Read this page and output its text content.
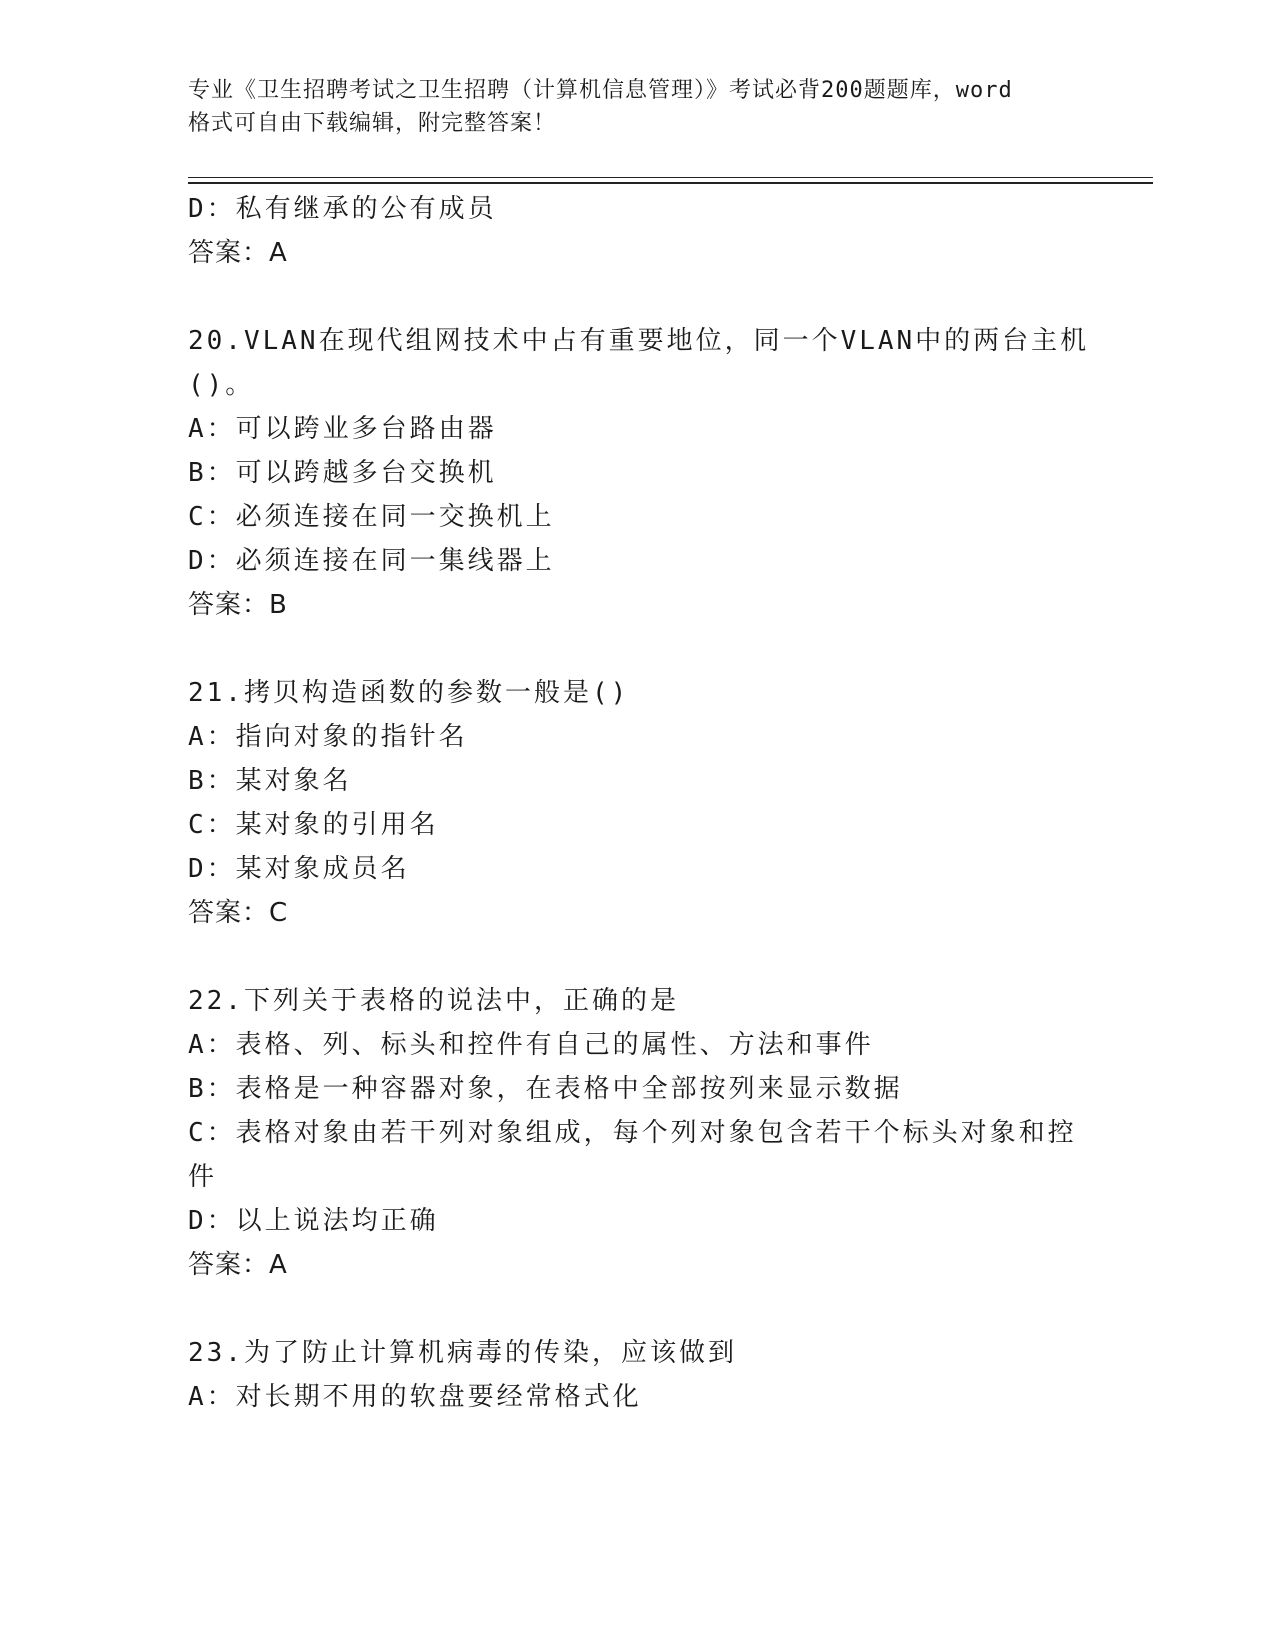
专业《卫生招聘考试之卫生招聘（计算机信息管理）》考试必背200题题库，word
格式可自由下载编辑，附完整答案！
D：私有继承的公有成员
答案：A
20.VLAN在现代组网技术中占有重要地位，同一个VLAN中的两台主机
()。
A：可以跨业多台路由器
B：可以跨越多台交换机
C：必须连接在同一交换机上
D：必须连接在同一集线器上
答案：B
21.拷贝构造函数的参数一般是()
A：指向对象的指针名
B：某对象名
C：某对象的引用名
D：某对象成员名
答案：C
22.下列关于表格的说法中，正确的是
A：表格、列、标头和控件有自己的属性、方法和事件
B：表格是一种容器对象，在表格中全部按列来显示数据
C：表格对象由若干列对象组成，每个列对象包含若干个标头对象和控
件
D：以上说法均正确
答案：A
23.为了防止计算机病毒的传染，应该做到
A：对长期不用的软盘要经常格式化
